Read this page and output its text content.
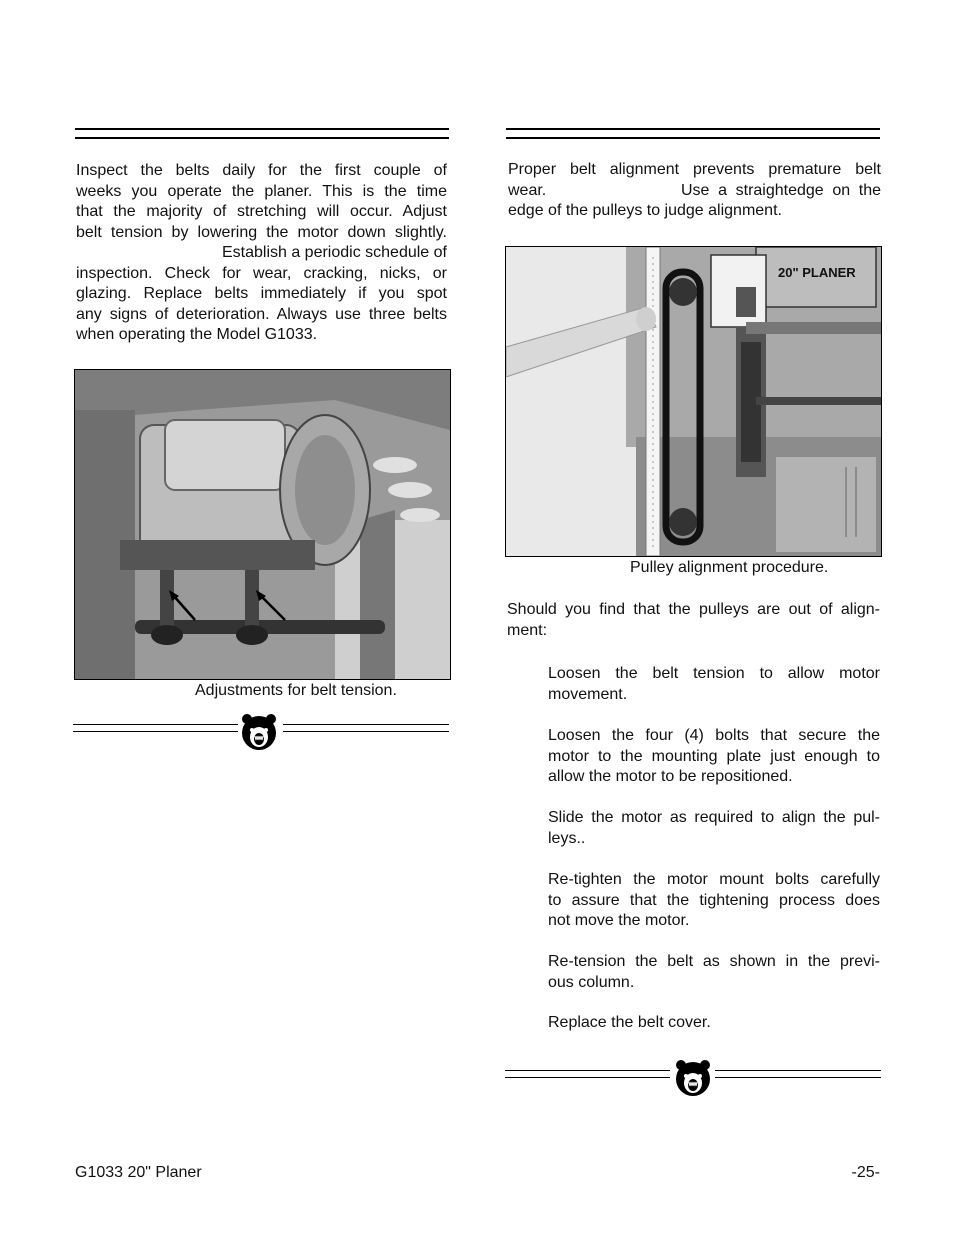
Inspect the belts daily for the first couple of

weeks you operate the planer. This is the time

that the majority of stretching will occur. Adjust

belt tension by lowering the motor down slightly.

Establish a periodic schedule of

inspection. Check for wear, cracking, nicks, or

glazing. Replace belts immediately if you spot

any signs of deterioration. Always use three belts

when operating the Model G1033.

Adjustments for belt tension.

Proper belt alignment prevents premature belt

wear.	Use a straightedge on the

edge of the pulleys to judge alignment.

20" PLANER

Pulley alignment procedure.

Should you find that the pulleys are out of align-

ment:

Loosen the belt tension to allow motor

movement.

Loosen the four (4) bolts that secure the

motor to the mounting plate just enough to

allow the motor to be repositioned.

Slide the motor as required to align the pul-

leys..

Re-tighten the motor mount bolts carefully

to assure that the tightening process does

not move the motor.

Re-tension the belt as shown in the previ-

ous column.

Replace the belt cover.

G1033 20" Planer	-25-
